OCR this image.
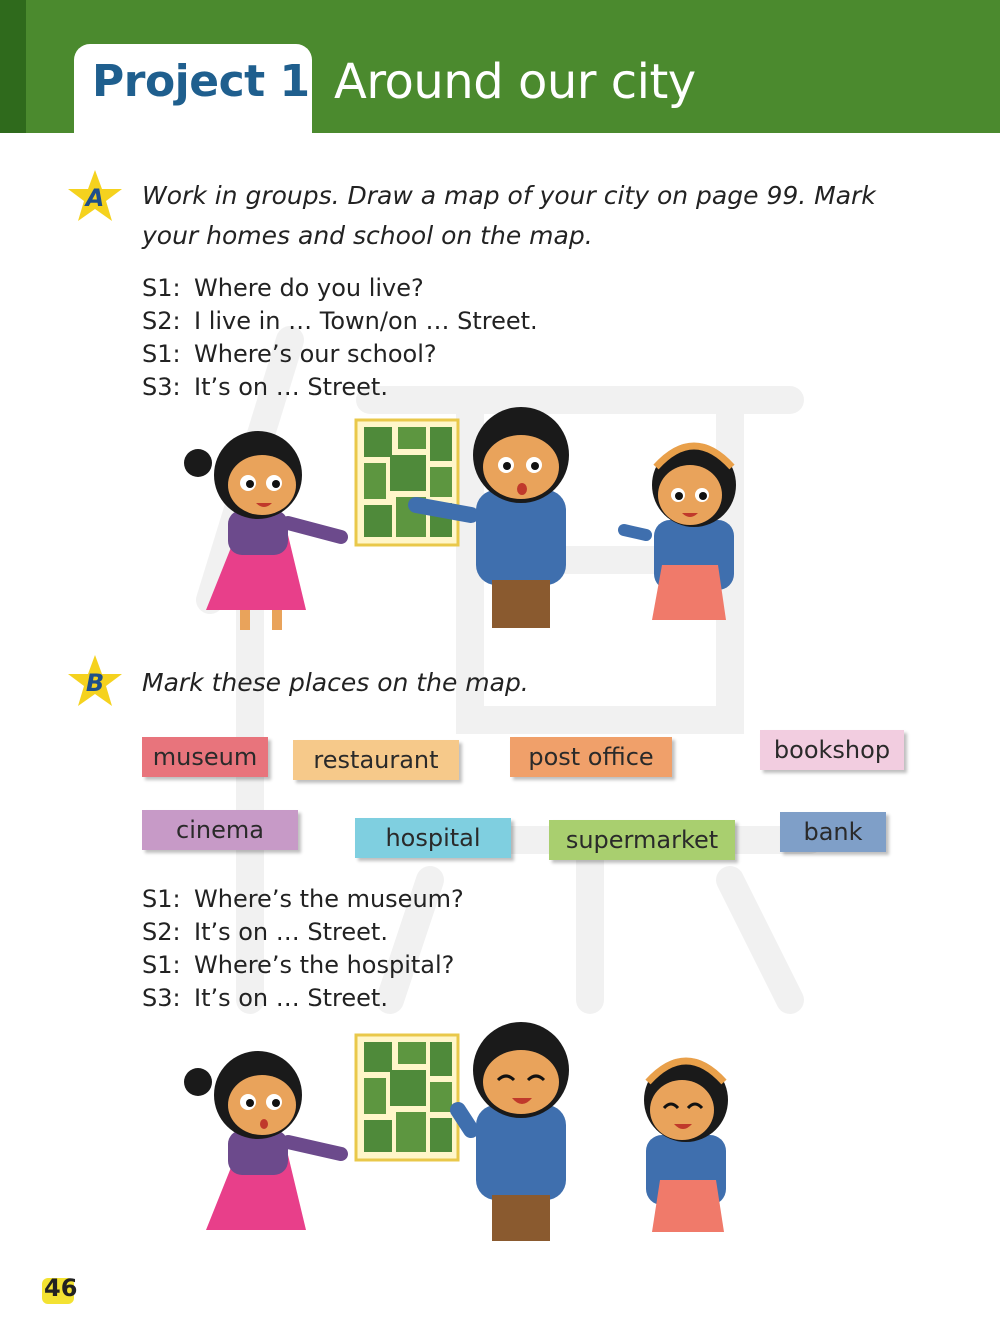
Project 1 Around our city
A	Work in groups. Draw a map of your city on page 99. Mark
your homes and school on the map.
S1: Where do you live?
S2: I live in … Town/on … Street.
S1: Where’s our school?
S3: It’s on … Street.
B	Mark these places on the map.
museum	restaurant	post office	bookshop
cinema	hospital	supermarket	bank
S1: Where’s the museum?
S2: It’s on … Street.
S1: Where’s the hospital?
S3: It’s on … Street.
46
